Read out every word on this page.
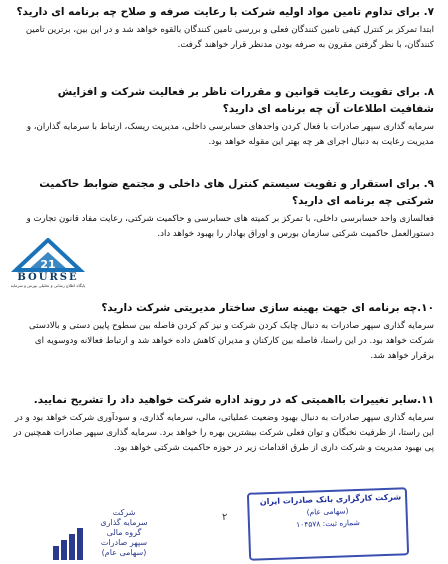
۷. برای تداوم تامین مواد اولیه شرکت با رعایت صرفه و صلاح چه برنامه ای دارید؟
ابتدا تمرکز بر کنترل کیفی تامین کنندگان فعلی و بررسی تامین کنندگان بالقوه خواهد شد و در این بین، برترین تامین کنندگان، با نظر گرفتن مقرون به صرفه بودن مدنظر قرار خواهند گرفت.
۸. برای تقویت رعایت قوانین و مقررات ناظر بر فعالیت شرکت و افزایش شفافیت اطلاعات آن چه برنامه ای دارید؟
سرمایه گذاری سپهر صادرات با فعال کردن واحدهای حسابرسی داخلی، مدیریت ریسک، ارتباط با سرمایه گذاران، و مدیریت رعایت به دنبال اجرای هر چه بهتر این مقوله خواهد بود.
۹. برای استقرار و تقویت سیستم کنترل های داخلی و مجتمع ضوابط حاکمیت شرکتی چه برنامه ای دارید؟
فعالسازی واحد حسابرسی داخلی، با تمرکز بر کمیته های حسابرسی و حاکمیت شرکتی، رعایت مفاد قانون تجارت و دستورالعمل حاکمیت شرکتی سازمان بورس و اوراق بهادار را بهبود خواهد داد.
21
BOURSE
پایگاه اطلاع رسانی و تحلیلی بورس و سرمایه
۱۰.چه برنامه ای جهت بهینه سازی ساختار مدیریتی شرکت دارید؟
سرمایه گذاری سپهر صادرات به دنبال چابک کردن شرکت و نیز کم کردن فاصله بین سطوح پایین دستی و بالادستی شرکت خواهد بود. در این راستا، فاصله بین کارکنان و مدیران کاهش داده خواهد شد و ارتباط فعالانه ودوسویه ای برقرار خواهد شد.
۱۱.سایر تغییرات بااهمیتی که در روند اداره شرکت خواهید داد را تشریح نمایید.
سرمایه گذاری سپهر صادرات به دنبال بهبود وضعیت عملیاتی، مالی، سرمایه گذاری، و سودآوری شرکت خواهد بود و در این راستا، از ظرفیت نخبگان و توان فعلی شرکت بیشترین بهره را خواهد برد. سرمایه گذاری سپهر صادرات همچنین در پی بهبود مدیریت و شرکت داری از طرق اقدامات زیر در حوزه حاکمیت شرکتی خواهد بود.
شرکت
سرمایه گذاری
گروه مالی
سپهر صادرات
(سهامی عام)
۲
شرکت کارگزاری بانک صادرات ایران
(سهامی عام)
شماره ثبت: ۱۰۴۵۷۸
